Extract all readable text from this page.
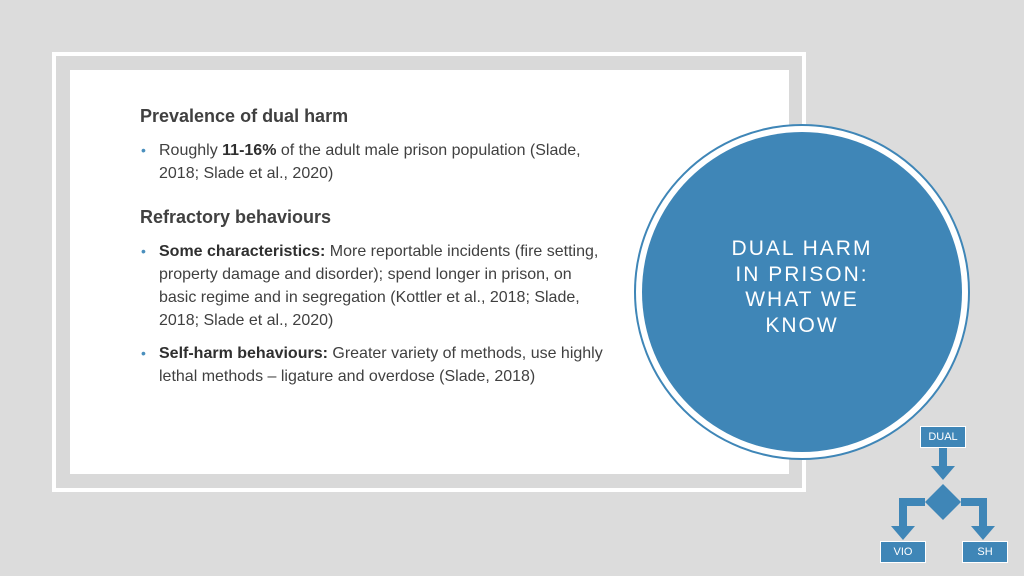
Prevalence of dual harm
• Roughly 11-16% of the adult male prison population (Slade, 2018; Slade et al., 2020)
Refractory behaviours
• Some characteristics: More reportable incidents (fire setting, property damage and disorder); spend longer in prison, on basic regime and in segregation (Kottler et al., 2018; Slade, 2018; Slade et al., 2020)
• Self-harm behaviours: Greater variety of methods, use highly lethal methods – ligature and overdose (Slade, 2018)
DUAL HARM
IN PRISON:
WHAT WE
KNOW
DUAL
VIO	SH
